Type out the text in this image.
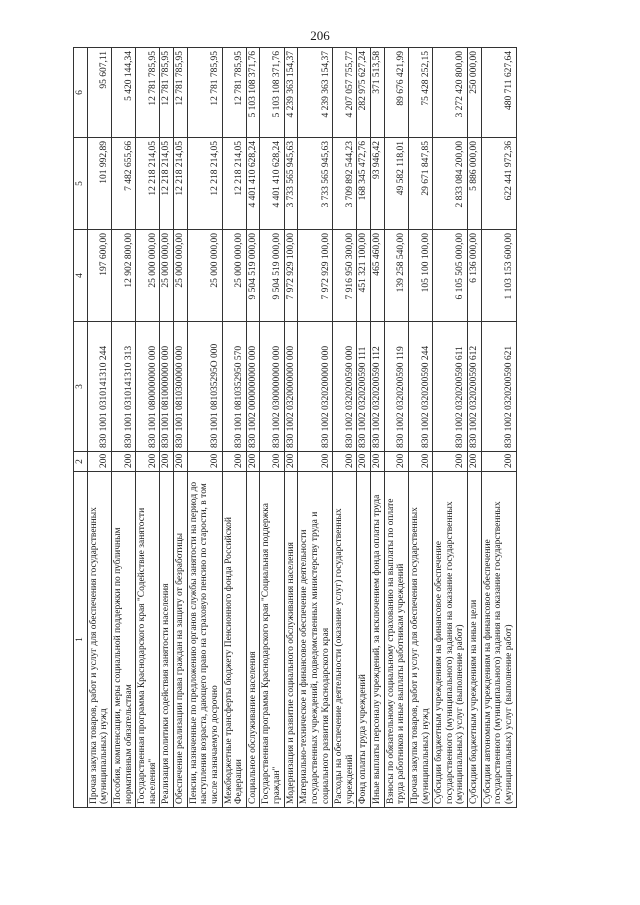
206
1	2	3	4	5	6
Прочая закупка товаров, работ и услуг для обеспечения государственных (муниципальных) нужд	200	830 1001 0310141310 244	197 600,00	101 992,89	95 607,11
Пособия, компенсации, меры социальной поддержки по публичным нормативным обязательствам	200	830 1001 0310141310 313	12 902 800,00	7 482 655,66	5 420 144,34
Государственная программа Краснодарского края "Содействие занятости населения"	200	830 1001 0800000000 000	25 000 000,00	12 218 214,05	12 781 785,95
Реализация политики содействия занятости населения	200	830 1001 0810000000 000	25 000 000,00	12 218 214,05	12 781 785,95
Обеспечение реализации права граждан на защиту от безработицы	200	830 1001 0810300000 000	25 000 000,00	12 218 214,05	12 781 785,95
Пенсии, назначенные по предложению органов службы занятости на период до наступления возраста, дающего право на страховую пенсию по старости, в том числе назначаемую досрочно	200	830 1001 081035295О 000	25 000 000,00	12 218 214,05	12 781 785,95
Межбюджетные трансферты бюджету Пенсионного фонда Российской Федерации	200	830 1001 0810352950 570	25 000 000,00	12 218 214,05	12 781 785,95
Социальное обслуживание населения	200	830 1002 0000000000 000	9 504 519 000,00	4 401 410 628,24	5 103 108 371,76
Государственная программа Краснодарского края "Социальная поддержка граждан"	200	830 1002 0300000000 000	9 504 519 000,00	4 401 410 628,24	5 103 108 371,76
Модернизация и развитие социального обслуживания населения	200	830 1002 0320000000 000	7 972 929 100,00	3 733 565 945,63	4 239 363 154,37
Материально-техническое и финансовое обеспечение деятельности государственных учреждений, подведомственных министерству труда и социального развития Краснодарского края	200	830 1002 0320200000 000	7 972 929 100,00	3 733 565 945,63	4 239 363 154,37
Расходы на обеспечение деятельности (оказание услуг) государственных учреждений	200	830 1002 0320200590 000	7 916 950 300,00	3 709 892 544,23	4 207 057 755,77
Фонд оплаты труда учреждений	200	830 1002 0320200590 111	451 321 100,00	168 345 472,76	282 975 627,24
Иные выплаты персоналу учреждений, за исключением фонда оплаты труда	200	830 1002 0320200590 112	465 460,00	93 946,42	371 513,58
Взносы по обязательному социальному страхованию на выплаты по оплате труда работников и иные выплаты работникам учреждений	200	830 1002 0320200590 119	139 258 540,00	49 582 118,01	89 676 421,99
Прочая закупка товаров, работ и услуг для обеспечения государственных (муниципальных) нужд	200	830 1002 0320200590 244	105 100 100,00	29 671 847,85	75 428 252,15
Субсидии бюджетным учреждениям на финансовое обеспечение государственного (муниципального) задания на оказание государственных (муниципальных) услуг (выполнение работ)	200	830 1002 0320200590 611	6 105 505 000,00	2 833 084 200,00	3 272 420 800,00
Субсидии бюджетным учреждениям на иные цели	200	830 1002 0320200590 612	6 136 000,00	5 886 000,00	250 000,00
Субсидии автономным учреждениям на финансовое обеспечение государственного (муниципального) задания на оказание государственных (муниципальных) услуг (выполнение работ)	200	830 1002 0320200590 621	1 103 153 600,00	622 441 972,36	480 711 627,64
